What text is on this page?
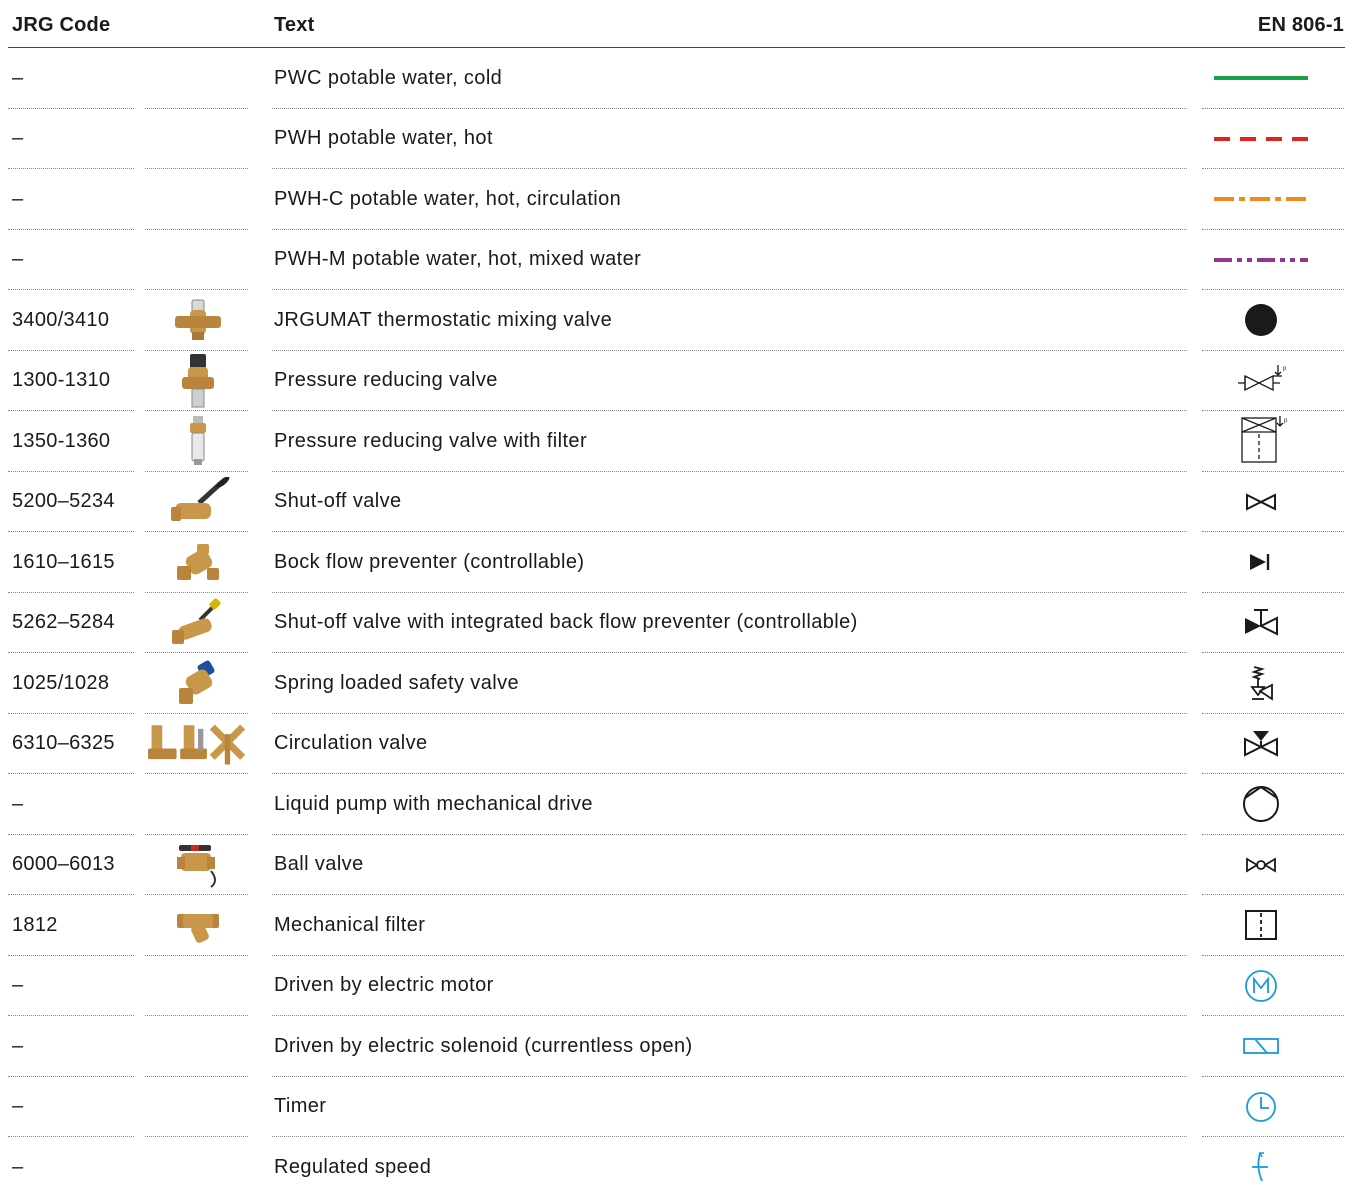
JRG Code	Text	EN 806-1
–	PWC potable water, cold
–	PWH potable water, hot
–	PWH-C potable water, hot, circulation
–	PWH-M potable water, hot, mixed water
3400/3410	JRGUMAT thermostatic mixing valve
1300-1310	Pressure reducing valve
p
1350-1360	Pressure reducing valve with filter
p
5200–5234	Shut-off valve
1610–1615	Bock flow preventer (controllable)
5262–5284	Shut-off valve with integrated back flow preventer (controllable)
1025/1028	Spring loaded safety valve
6310–6325	Circulation valve
–	Liquid pump with mechanical drive
6000–6013	Ball valve
1812	Mechanical filter
–	Driven by electric motor
–	Driven by electric solenoid (currentless open)
–	Timer
–	Regulated speed
